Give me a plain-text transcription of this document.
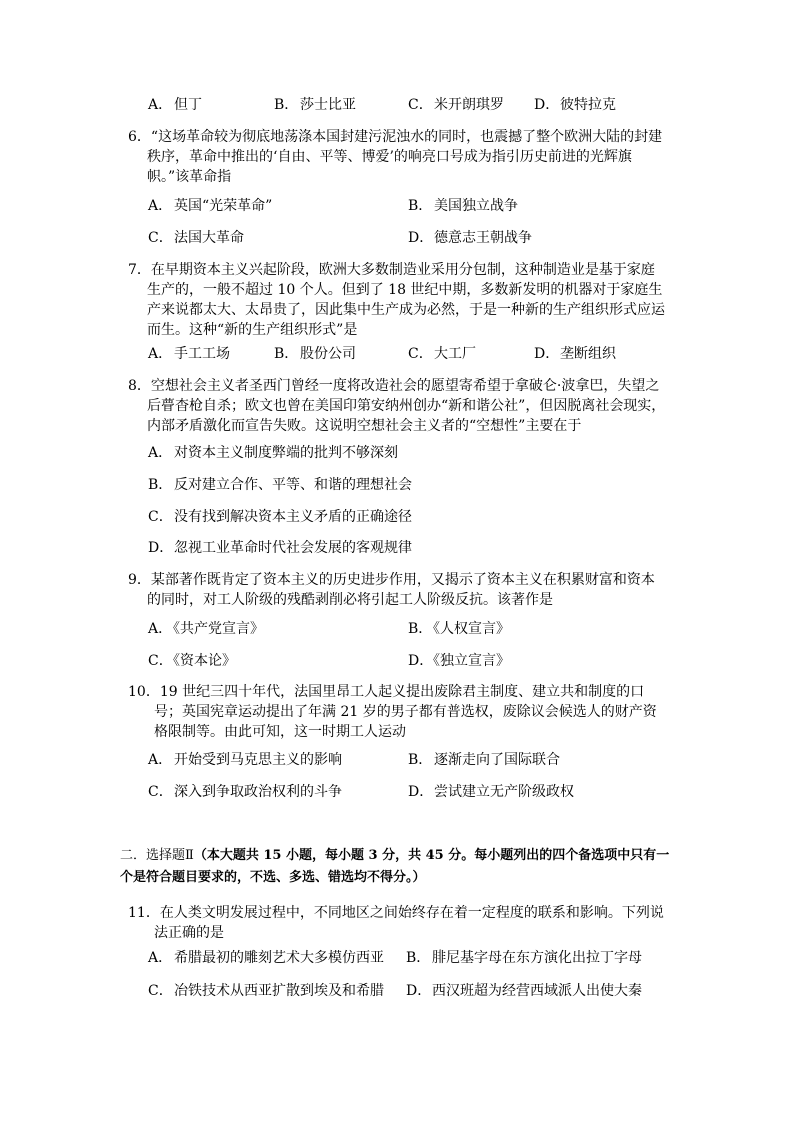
A． 但丁	B． 莎士比亚	C．米开朗琪罗 D．彼特拉克
6．“这场革命较为彻底地荡涤本国封建污泥浊水的同时，也震撼了整个欧洲大陆的封建秩序，革命中推出的‘自由、平等、博爱’的响亮口号成为指引历史前进的光辉旗帜。”该革命指
A． 英国“光荣革命”	B． 美国独立战争
C．法国大革命	D．德意志王朝战争
7．在早期资本主义兴起阶段，欧洲大多数制造业采用分包制，这种制造业是基于家庭生产的，一般不超过 10 个人。但到了 18 世纪中期，多数新发明的机器对于家庭生产来说都太大、太昂贵了，因此集中生产成为必然，于是一种新的生产组织形式应运而生。这种“新的生产组织形式”是
A． 手工工场	B． 股份公司	C．大工厂	D．垄断组织
8．空想社会主义者圣西门曾经一度将改造社会的愿望寄希望于拿破仑·波拿巴，失望之后瞢杳枪自杀；欧文也曾在美国印第安纳州创办“新和谐公社”，但因脱离社会现实，内部矛盾激化而宣告失败。这说明空想社会主义者的“空想性”主要在于
A． 对资本主义制度弊端的批判不够深刻
B． 反对建立合作、平等、和谐的理想社会
C．没有找到解决资本主义矛盾的正确途径
D．忽视工业革命时代社会发展的客观规律
9．某部著作既肯定了资本主义的历史进步作用，又揭示了资本主义在积累财富和资本的同时，对工人阶级的残酷剥削必将引起工人阶级反抗。该著作是
A．《共产党宣言》	B．《人权宣言》
C．《资本论》	D．《独立宣言》
10．19 世纪三四十年代，法国里昂工人起义提出废除君主制度、建立共和制度的口号；英国宪章运动提出了年满 21 岁的男子都有普选权，废除议会候选人的财产资格限制等。由此可知，这一时期工人运动
A． 开始受到马克思主义的影响	B． 逐渐走向了国际联合
C．深入到争取政治权利的斗争	D．尝试建立无产阶级政权
二．选择题Ⅱ（本大题共 15 小题，每小题 3 分，共 45 分。每小题列出的四个备选项中只有一个是符合题目要求的，不选、多选、错选均不得分。）
11．在人类文明发展过程中，不同地区之间始终存在着一定程度的联系和影响。下列说法正确的是
A． 希腊最初的雕刻艺术大多模仿西亚 B． 腓尼基字母在东方演化出拉丁字母
C．冶铁技术从西亚扩散到埃及和希腊 D．西汉班超为经营西域派人出使大秦
